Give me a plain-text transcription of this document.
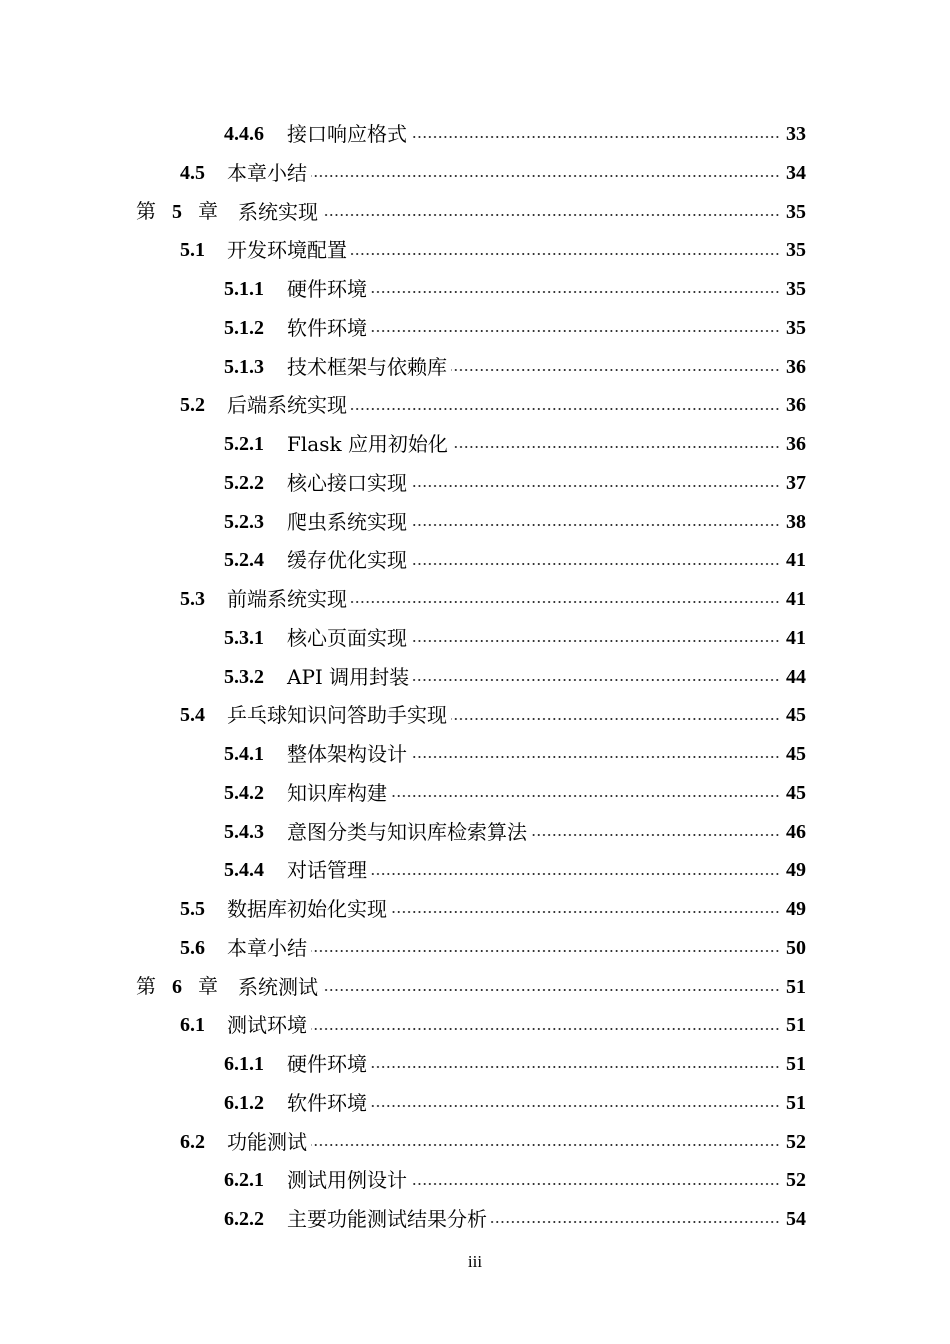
4.4.6 接口响应格式	33
4.5 本章小结	34
第 5 章 系统实现	35
5.1 开发环境配置	35
5.1.1 硬件环境	35
5.1.2 软件环境	35
5.1.3 技术框架与依赖库	36
5.2 后端系统实现	36
5.2.1 Flask 应用初始化	36
5.2.2 核心接口实现	37
5.2.3 爬虫系统实现	38
5.2.4 缓存优化实现	41
5.3 前端系统实现	41
5.3.1 核心页面实现	41
5.3.2 API 调用封装	44
5.4 乒乓球知识问答助手实现	45
5.4.1 整体架构设计	45
5.4.2 知识库构建	45
5.4.3 意图分类与知识库检索算法	46
5.4.4 对话管理	49
5.5 数据库初始化实现	49
5.6 本章小结	50
第 6 章 系统测试	51
6.1 测试环境	51
6.1.1 硬件环境	51
6.1.2 软件环境	51
6.2 功能测试	52
6.2.1 测试用例设计	52
6.2.2 主要功能测试结果分析	54
iii
